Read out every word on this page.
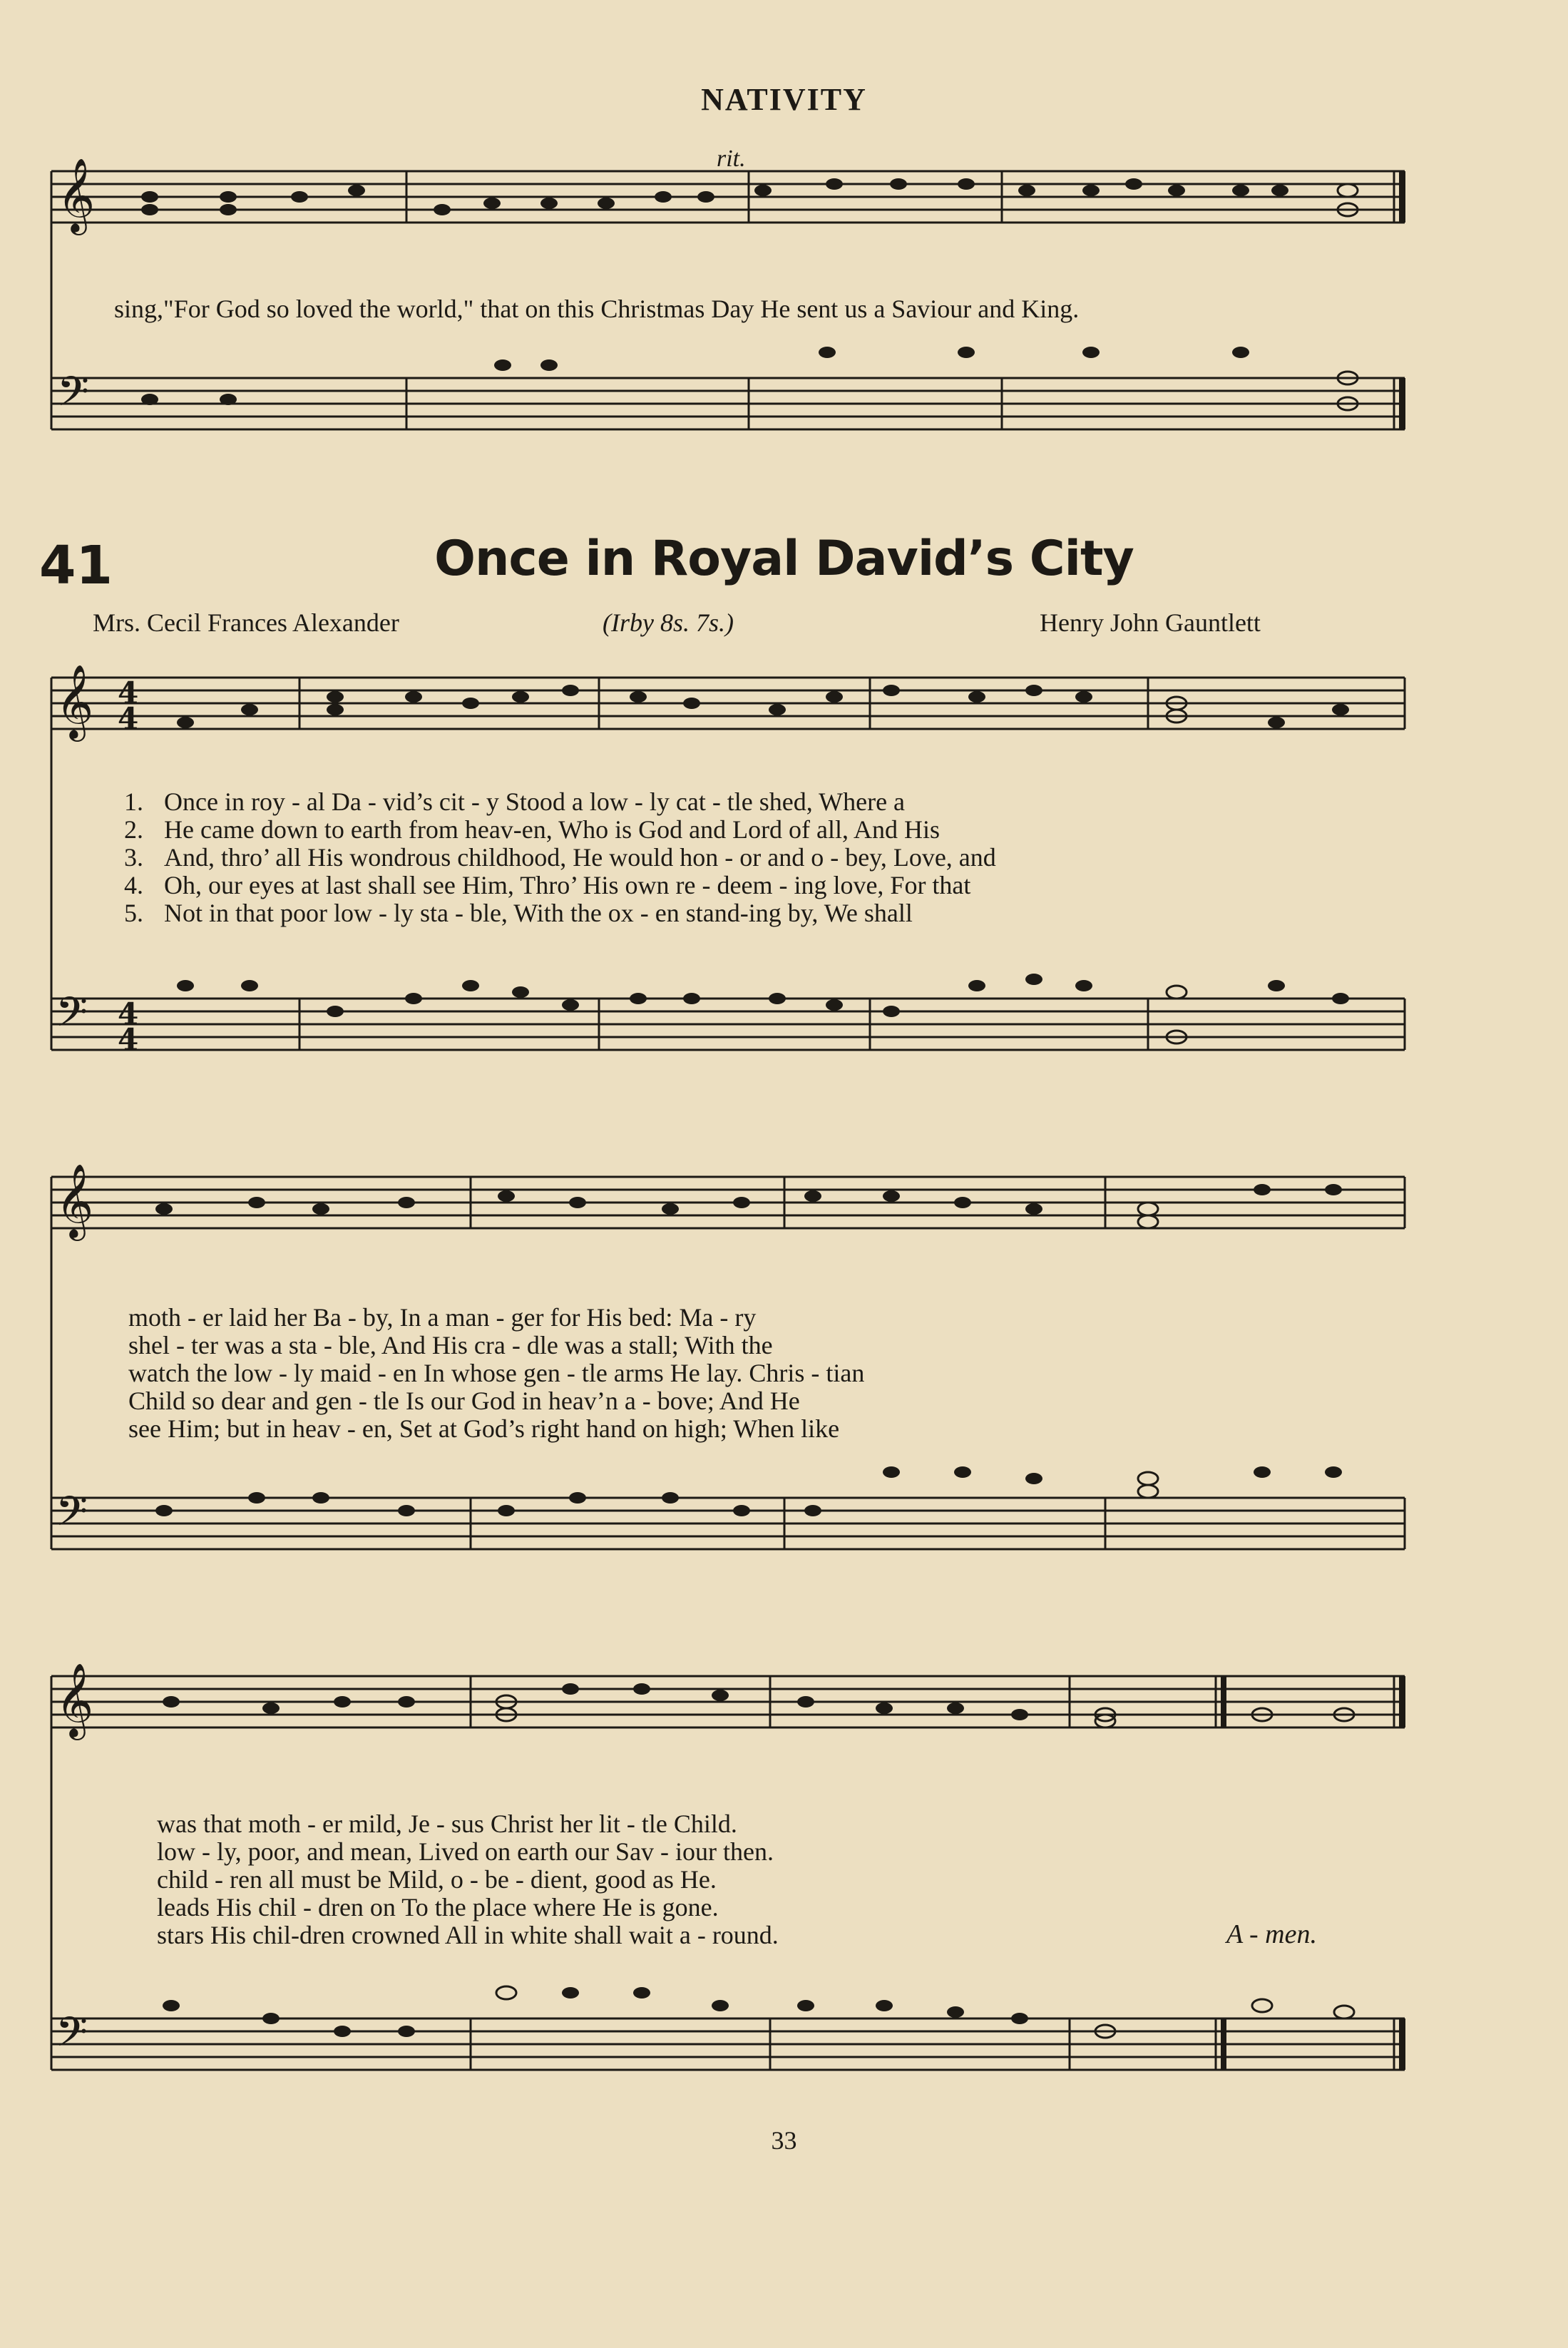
NATIVITY
rit.
𝄞
𝄢
sing,"For God so loved the world," that on this Christmas Day He sent us a Saviour and King.
41	Once in Royal David’s City
Mrs. Cecil Frances Alexander	(Irby 8s. 7s.)	Henry John Gauntlett
𝄞
𝄢
4
4
4
4
1. Once in roy - al Da - vid’s cit - y Stood a low - ly cat - tle shed, Where a
2. He came down to earth from heav-en, Who is God and Lord of all, And His
3. And, thro’ all His wondrous childhood, He would hon - or and o - bey, Love, and
4. Oh, our eyes at last shall see Him, Thro’ His own re - deem - ing love, For that
5. Not in that poor low - ly sta - ble, With the ox - en stand-ing by, We shall
𝄞
𝄢
moth - er laid her Ba - by, In a man - ger for His bed: Ma - ry
shel - ter was a sta - ble, And His cra - dle was a stall; With the
watch the low - ly maid - en In whose gen - tle arms He lay. Chris - tian
Child so dear and gen - tle Is our God in heav’n a - bove; And He
see Him; but in heav - en, Set at God’s right hand on high; When like
𝄞
𝄢
was that moth - er mild, Je - sus Christ her lit - tle Child.
low - ly, poor, and mean, Lived on earth our Sav - iour then.
child - ren all must be Mild, o - be - dient, good as He.
leads His chil - dren on To the place where He is gone.
stars His chil-dren crowned All in white shall wait a - round.	A - men.
33
